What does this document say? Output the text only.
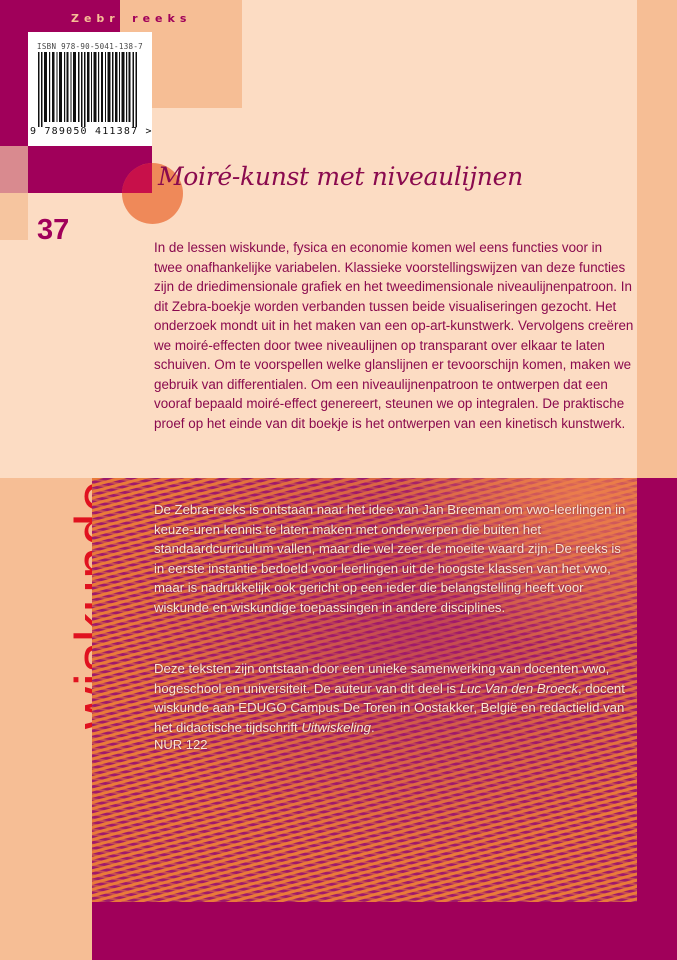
Zebrareeks
ISBN 978-90-5041-138-7
9 789050 411387 >
Moiré-kunst met niveaulijnen
37
In de lessen wiskunde, fysica en economie komen wel eens functies voor in twee onafhankelijke variabelen. Klassieke voorstellingswijzen van deze functies zijn de driedimensionale grafiek en het tweedimensionale niveaulijnenpatroon. In dit Zebra-boekje worden verbanden tussen beide visualiseringen gezocht. Het onderzoek mondt uit in het maken van een op-art-kunstwerk. Vervolgens creëren we moiré-effecten door twee niveaulijnen op transparant over elkaar te laten schuiven. Om te voorspellen welke glanslijnen er tevoorschijn komen, maken we gebruik van differentialen. Om een niveaulijnenpatroon te ontwerpen dat een vooraf bepaald moiré-effect genereert, steunen we op integralen. De praktische proef op het einde van dit boekje is het ontwerpen van een kinetisch kunstwerk.
De Zebra-reeks is ontstaan naar het idee van Jan Breeman om vwo-leerlingen in keuze-uren kennis te laten maken met onderwerpen die buiten het standaardcurriculum vallen, maar die wel zeer de moeite waard zijn. De reeks is in eerste instantie bedoeld voor leerlingen uit de hoogste klassen van het vwo, maar is nadrukkelijk ook gericht op een ieder die belangstelling heeft voor wiskunde en wiskundige toepassingen in andere disciplines.
Deze teksten zijn ontstaan door een unieke samenwerking van docenten vwo, hogeschool en universiteit. De auteur van dit deel is Luc Van den Broeck, docent wiskunde aan EDUGO Campus De Toren in Oostakker, België en redactielid van het didactische tijdschrift Uitwiskeling.
NUR 122
